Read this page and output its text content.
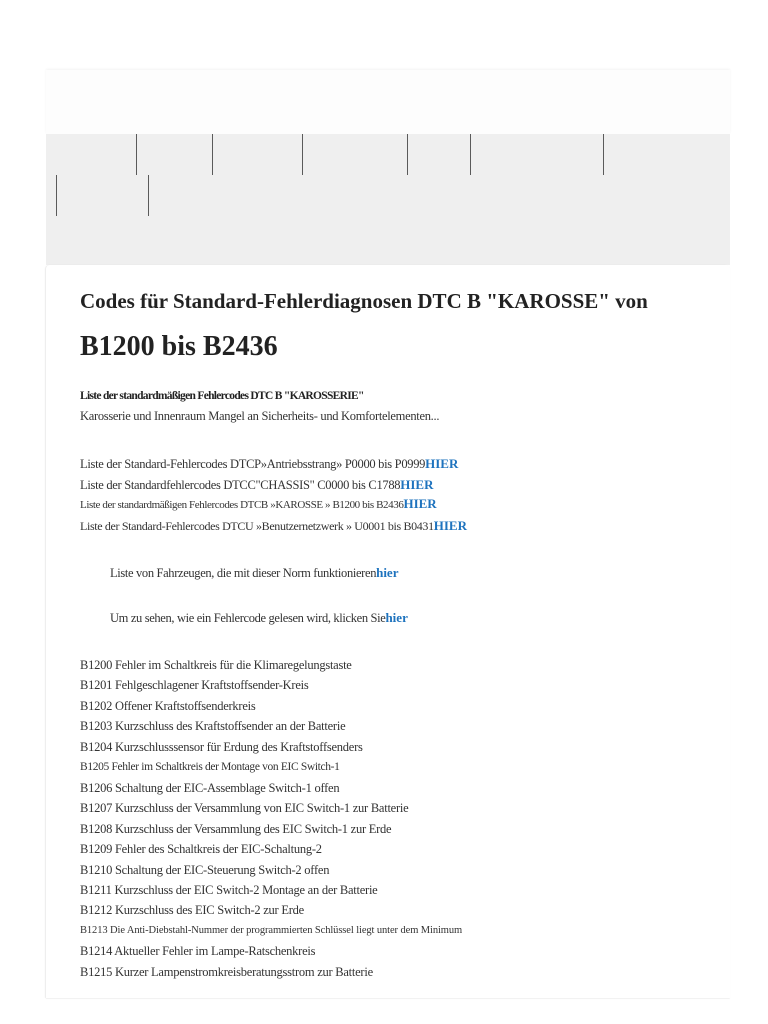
Codes für Standard-Fehlerdiagnosen DTC B "KAROSSE" von
B1200 bis B2436

Liste der standardmäßigen Fehlercodes DTC B "KAROSSERIE"

Karosserie und Innenraum Mangel an Sicherheits- und Komfortelementen...

Liste der Standard-Fehlercodes DTCP»Antriebsstrang» P0000 bis P0999HIER
Liste der Standardfehlercodes DTCC"CHASSIS" C0000 bis C1788HIER
Liste der standardmäßigen Fehlercodes DTCB »KAROSSE » B1200 bis B2436HIER
Liste der Standard-Fehlercodes DTCU »Benutzernetzwerk » U0001 bis B0431HIER
Liste von Fahrzeugen, die mit dieser Norm funktionierenhier
Um zu sehen, wie ein Fehlercode gelesen wird, klicken Siehier
B1200 Fehler im Schaltkreis für die Klimaregelungstaste
B1201 Fehlgeschlagener Kraftstoffsender-Kreis
B1202 Offener Kraftstoffsenderkreis
B1203 Kurzschluss des Kraftstoffsender an der Batterie
B1204 Kurzschlusssensor für Erdung des Kraftstoffsenders
B1205 Fehler im Schaltkreis der Montage von EIC Switch-1
B1206 Schaltung der EIC-Assemblage Switch-1 offen
B1207 Kurzschluss der Versammlung von EIC Switch-1 zur Batterie
B1208 Kurzschluss der Versammlung des EIC Switch-1 zur Erde
B1209 Fehler des Schaltkreis der EIC-Schaltung-2
B1210 Schaltung der EIC-Steuerung Switch-2 offen
B1211 Kurzschluss der EIC Switch-2 Montage an der Batterie
B1212 Kurzschluss des EIC Switch-2 zur Erde
B1213 Die Anti-Diebstahl-Nummer der programmierten Schlüssel liegt unter dem Minimum
B1214 Aktueller Fehler im Lampe-Ratschenkreis
B1215 Kurzer Lampenstromkreisberatungsstrom zur Batterie
